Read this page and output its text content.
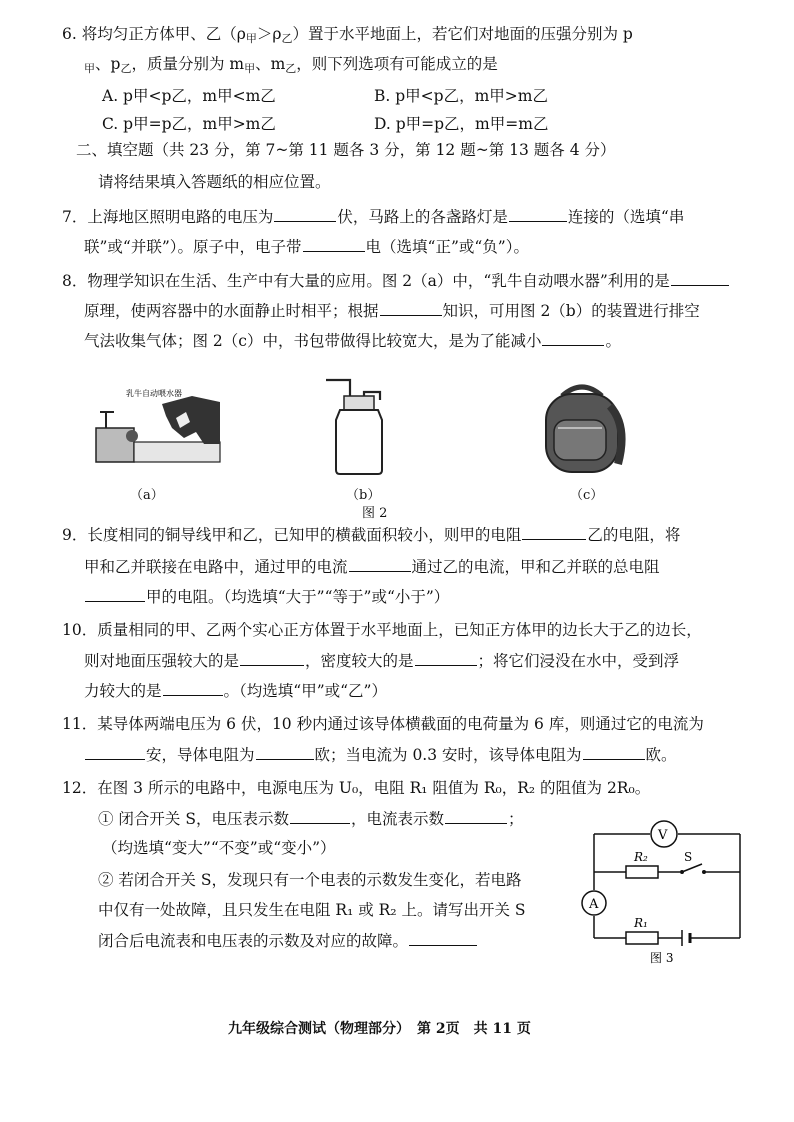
6. 将均匀正方体甲、乙$(\rho_甲>\rho_乙)$置于水平地面上，若它们对地面的压强分别为 p
$_甲$、$p_乙$，质量分别为 $m_甲$、$m_乙$，则下列选项有可能成立的是
A. p甲<p乙，m甲<m乙	B. p甲<p乙，m甲>m乙
C. p甲=p乙，m甲>m乙	D. p甲=p乙，m甲=m乙
二、填空题（共 23 分，第 7~第 11 题各 3 分，第 12 题~第 13 题各 4 分）
请将结果填入答题纸的相应位置。
7．上海地区照明电路的电压为	伏，马路上的各盏路灯是	连接的（选填“串
联”或“并联”）。原子中，电子带	电（选填“正”或“负”）。
8．物理学知识在生活、生产中有大量的应用。图 2（a）中，“乳牛自动喂水器”利用的是
原理，使两容器中的水面静止时相平；根据	知识，可用图 2（b）的装置进行排空
气法收集气体；图 2（c）中，书包带做得比较宽大，是为了能减小	。
乳牛自动喂水器
（a）	（b）	（c）
图 2
9．长度相同的铜导线甲和乙，已知甲的横截面积较小，则甲的电阻	乙的电阻，将
甲和乙并联接在电路中，通过甲的电流	通过乙的电流，甲和乙并联的总电阻
甲的电阻。（均选填“大于”“等于”或“小于”）
10．质量相同的甲、乙两个实心正方体置于水平地面上，已知正方体甲的边长大于乙的边长，
则对地面压强较大的是	，密度较大的是	；将它们浸没在水中，受到浮
力较大的是	。（均选填“甲”或“乙”）
11．某导体两端电压为 6 伏，10 秒内通过该导体横截面的电荷量为 6 库，则通过它的电流为
安，导体电阻为	欧；当电流为 0.3 安时，该导体电阻为	欧。
12．在图 3 所示的电路中，电源电压为 U₀，电阻 R₁ 阻值为 R₀，R₂ 的阻值为 2R₀。
① 闭合开关 S，电压表示数	，电流表示数	；
（均选填“变大”“不变”或“变小”）
② 若闭合开关 S，发现只有一个电表的示数发生变化，若电路
中仅有一处故障，且只发生在电阻 R₁ 或 R₂ 上。请写出开关 S
闭合后电流表和电压表的示数及对应的故障。
V
R₂	S
A
R₁
图 3
九年级综合测试（物理部分）　第 2页　共 11 页
